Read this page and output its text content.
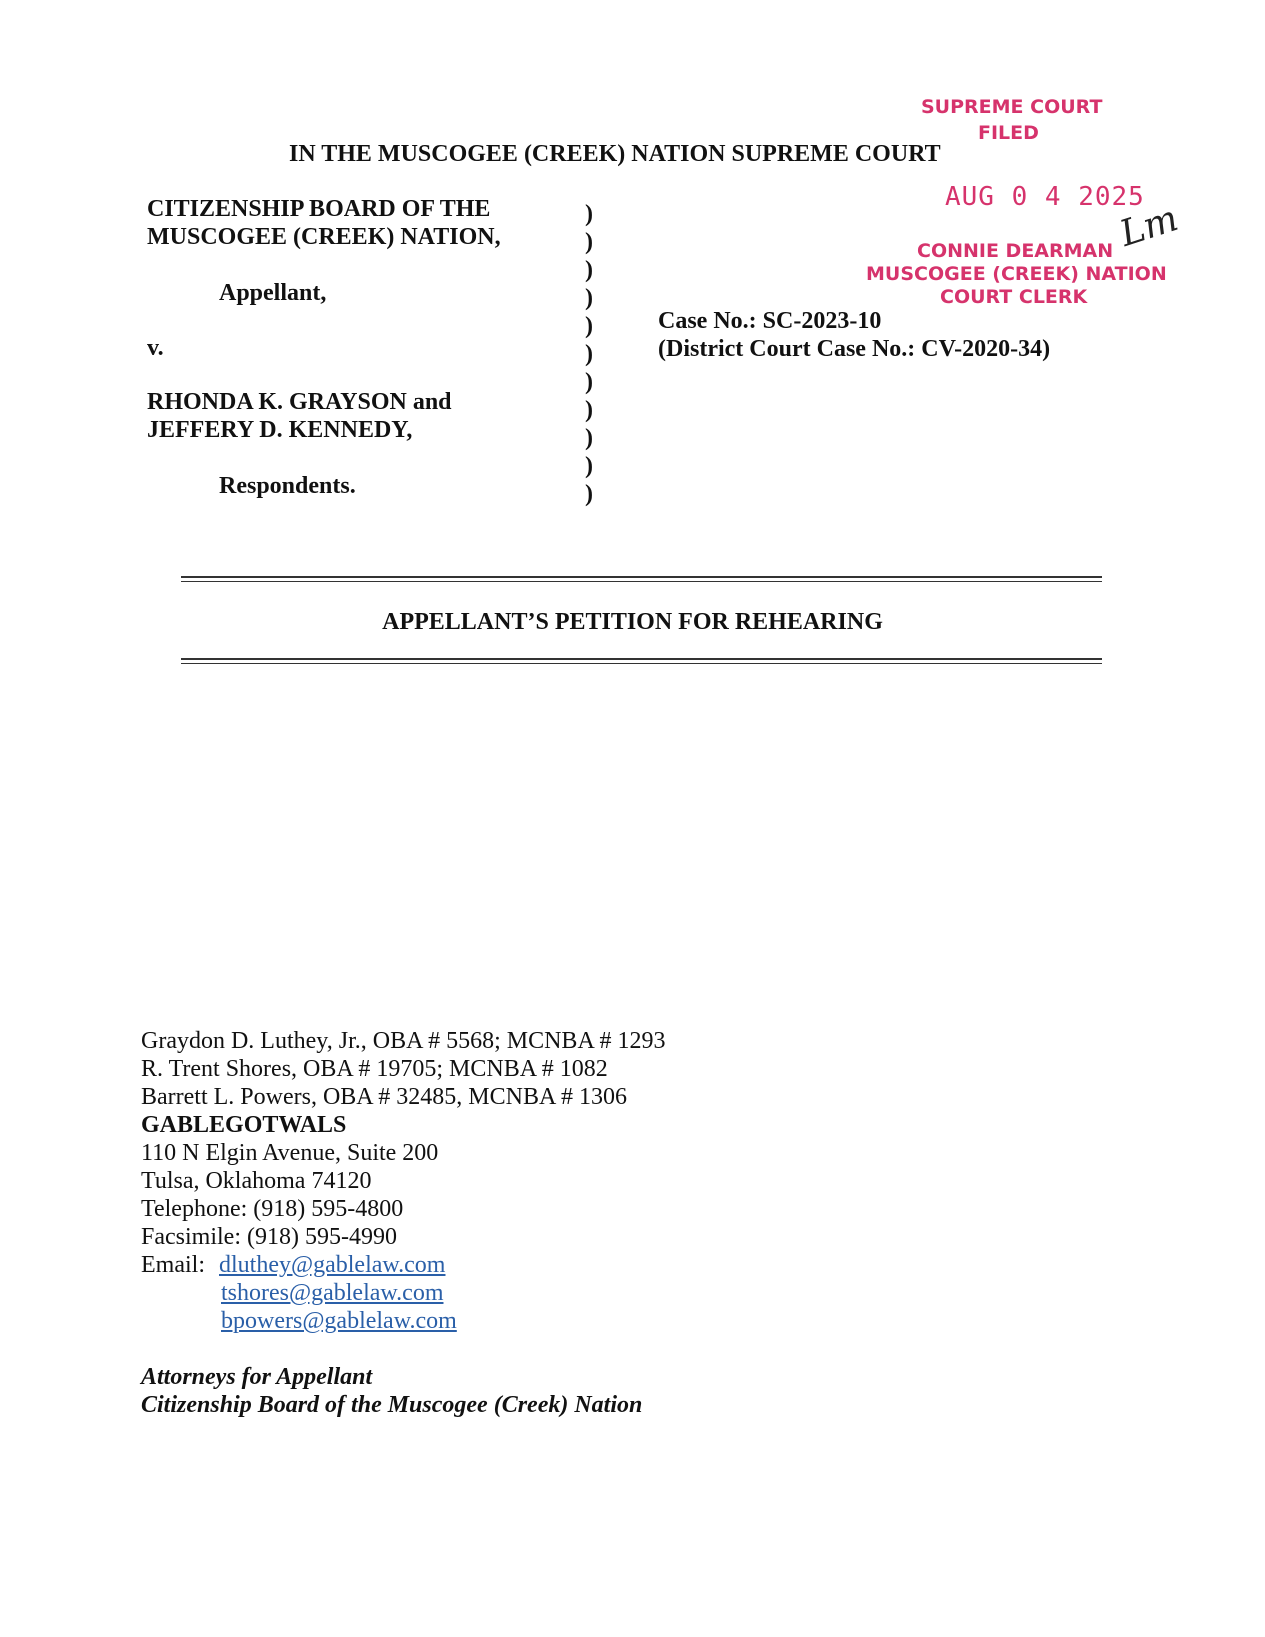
SUPREME COURT
FILED
AUG 0 4 2025
CONNIE DEARMAN
MUSCOGEE (CREEK) NATION
COURT CLERK
Lm
IN THE MUSCOGEE (CREEK) NATION SUPREME COURT
CITIZENSHIP BOARD OF THE
MUSCOGEE (CREEK) NATION,
Appellant,
v.
RHONDA K. GRAYSON and
JEFFERY D. KENNEDY,
Respondents.
)
)
)
)
)
)
)
)
)
)
)
Case No.: SC-2023-10
(District Court Case No.: CV-2020-34)
APPELLANT’S PETITION FOR REHEARING
Graydon D. Luthey, Jr., OBA # 5568; MCNBA # 1293
R. Trent Shores, OBA # 19705; MCNBA # 1082
Barrett L. Powers, OBA # 32485, MCNBA # 1306
GABLEGOTWALS
110 N Elgin Avenue, Suite 200
Tulsa, Oklahoma 74120
Telephone: (918) 595-4800
Facsimile: (918) 595-4990
Email: dluthey@gablelaw.com
tshores@gablelaw.com
bpowers@gablelaw.com
Attorneys for Appellant
Citizenship Board of the Muscogee (Creek) Nation
